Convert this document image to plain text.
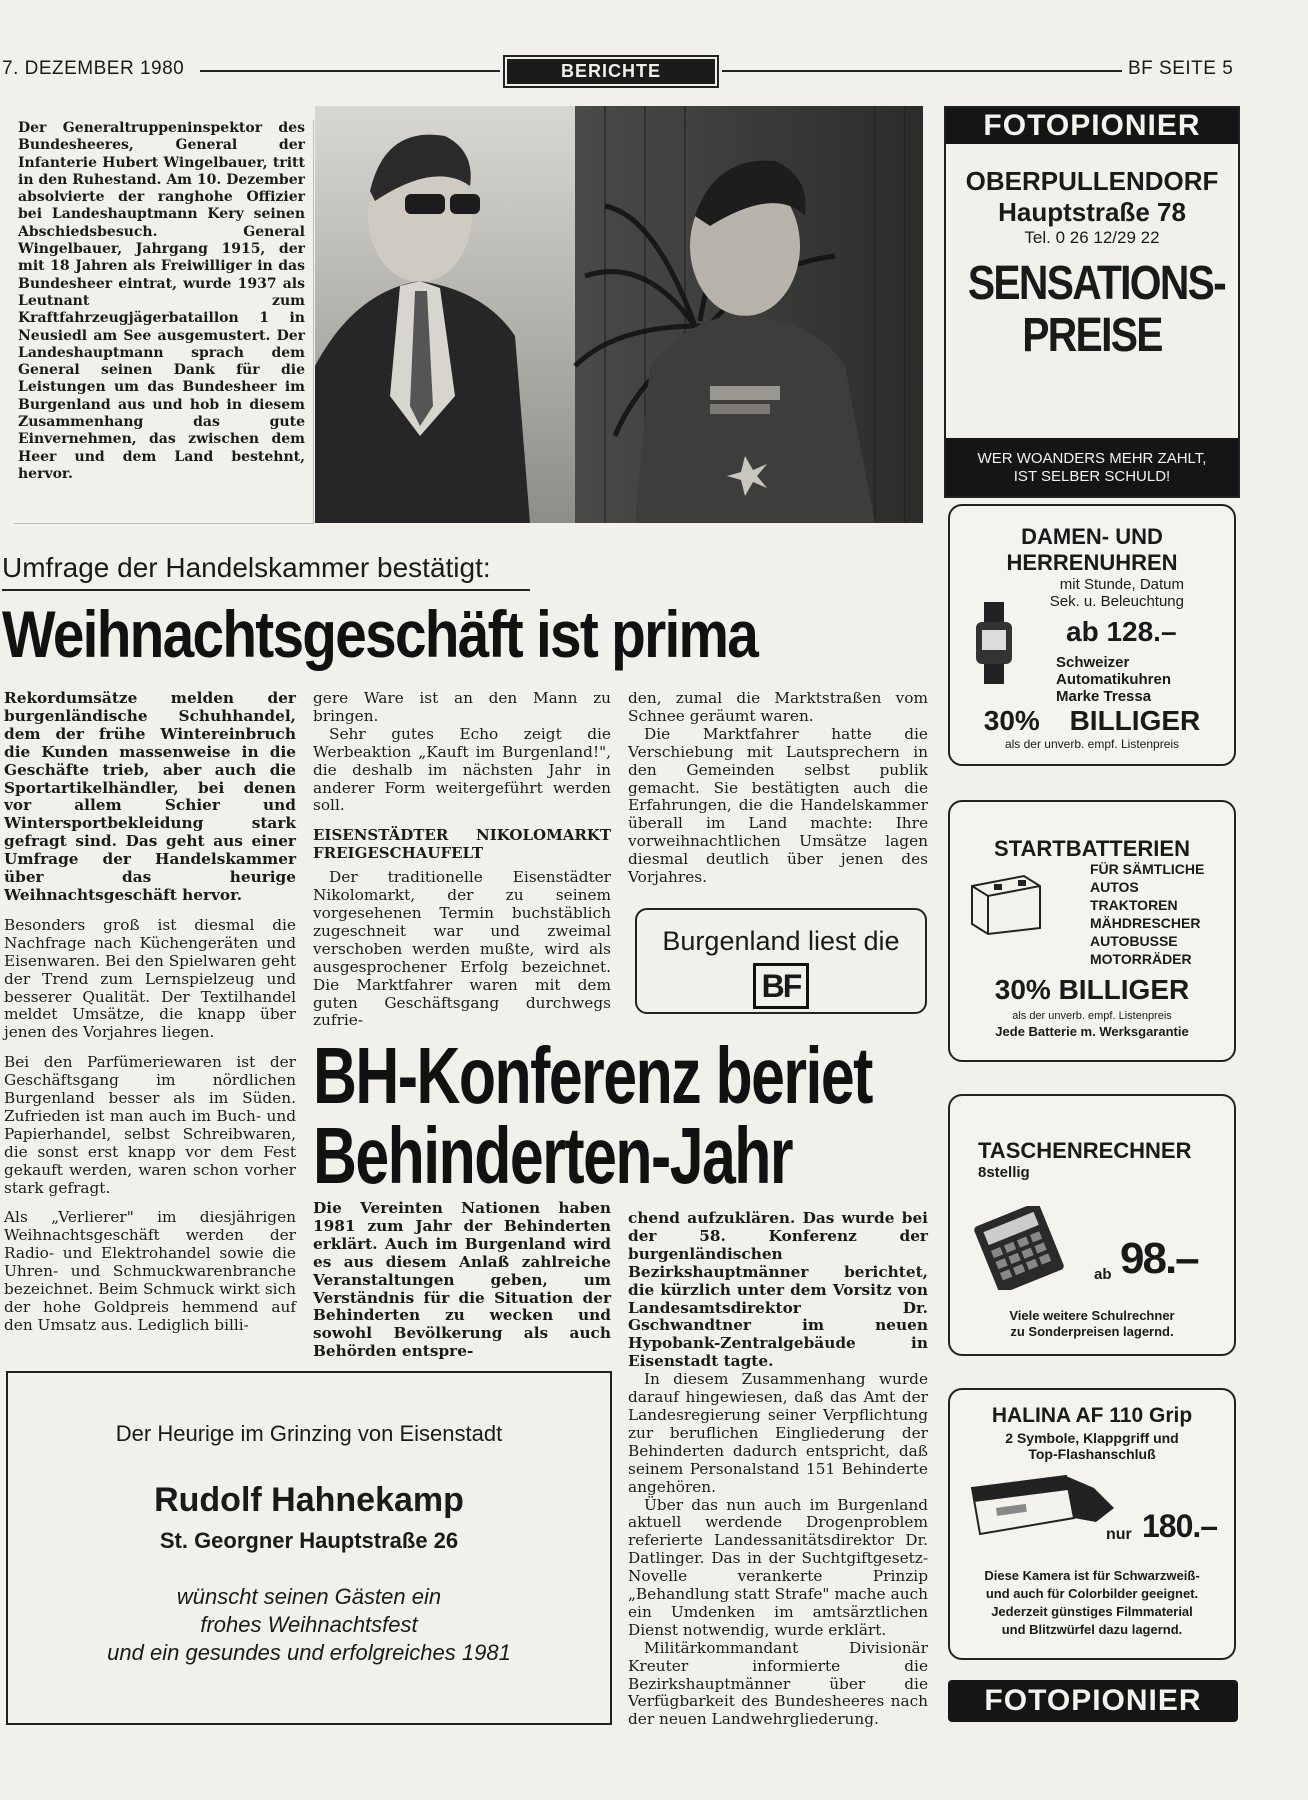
7. DEZEMBER 1980	BERICHTE	BF SEITE 5
Der Generaltruppeninspektor des Bundesheeres, General der Infanterie Hubert Wingelbauer, tritt in den Ruhestand. Am 10. Dezember absolvierte der ranghohe Offizier bei Landeshauptmann Kery seinen Abschiedsbesuch. General Wingelbauer, Jahrgang 1915, der mit 18 Jahren als Freiwilliger in das Bundesheer eintrat, wurde 1937 als Leutnant zum Kraftfahrzeugjägerbataillon 1 in Neusiedl am See ausgemustert. Der Landeshauptmann sprach dem General seinen Dank für die Leistungen um das Bundesheer im Burgenland aus und hob in diesem Zusammenhang das gute Einvernehmen, das zwischen dem Heer und dem Land bestehnt, hervor.
Umfrage der Handelskammer bestätigt:
Weihnachtsgeschäft ist prima

Rekordumsätze melden der burgenländische Schuhhandel, dem der frühe Wintereinbruch die Kunden massenweise in die Geschäfte trieb, aber auch die Sportartikelhändler, bei denen vor allem Schier und Wintersportbekleidung stark gefragt sind. Das geht aus einer Umfrage der Handelskammer über das heurige Weihnachtsgeschäft hervor.

Besonders groß ist diesmal die Nachfrage nach Küchengeräten und Eisenwaren. Bei den Spielwaren geht der Trend zum Lernspielzeug und besserer Qualität. Der Textilhandel meldet Umsätze, die knapp über jenen des Vorjahres liegen.

Bei den Parfümeriewaren ist der Geschäftsgang im nördlichen Burgenland besser als im Süden. Zufrieden ist man auch im Buch- und Papierhandel, selbst Schreibwaren, die sonst erst knapp vor dem Fest gekauft werden, waren schon vorher stark gefragt.

Als „Verlierer" im diesjährigen Weihnachtsgeschäft werden der Radio- und Elektrohandel sowie die Uhren- und Schmuckwarenbranche bezeichnet. Beim Schmuck wirkt sich der hohe Goldpreis hemmend auf den Umsatz aus. Lediglich billi-

gere Ware ist an den Mann zu bringen.

Sehr gutes Echo zeigt die Werbeaktion „Kauft im Burgenland!", die deshalb im nächsten Jahr in anderer Form weitergeführt werden soll.

EISENSTÄDTER NIKOLOMARKT FREIGESCHAUFELT

Der traditionelle Eisenstädter Nikolomarkt, der zu seinem vorgesehenen Termin buchstäblich zugeschneit war und zweimal verschoben werden mußte, wird als ausgesprochener Erfolg bezeichnet. Die Marktfahrer waren mit dem guten Geschäftsgang durchwegs zufrie-

den, zumal die Marktstraßen vom Schnee geräumt waren.

Die Marktfahrer hatte die Verschiebung mit Lautsprechern in den Gemeinden selbst publik gemacht. Sie bestätigten auch die Erfahrungen, die die Handelskammer überall im Land machte: Ihre vorweihnachtlichen Umsätze lagen diesmal deutlich über jenen des Vorjahres.

Burgenland liest die
BF
BH-Konferenz beriet
Behinderten-Jahr
Die Vereinten Nationen haben 1981 zum Jahr der Behinderten erklärt. Auch im Burgenland wird es aus diesem Anlaß zahlreiche Veranstaltungen geben, um Verständnis für die Situation der Behinderten zu wecken und sowohl Bevölkerung als auch Behörden entspre-

chend aufzuklären. Das wurde bei der 58. Konferenz der burgenländischen Bezirkshauptmänner berichtet, die kürzlich unter dem Vorsitz von Landesamtsdirektor Dr. Gschwandtner im neuen Hypobank-Zentralgebäude in Eisenstadt tagte.

In diesem Zusammenhang wurde darauf hingewiesen, daß das Amt der Landesregierung seiner Verpflichtung zur beruflichen Eingliederung der Behinderten dadurch entspricht, daß seinem Personalstand 151 Behinderte angehören.

Über das nun auch im Burgenland aktuell werdende Drogenproblem referierte Landessanitätsdirektor Dr. Datlinger. Das in der Suchtgiftgesetz-Novelle verankerte Prinzip „Behandlung statt Strafe" mache auch ein Umdenken im amtsärztlichen Dienst notwendig, wurde erklärt.

Militärkommandant Divisionär Kreuter informierte die Bezirkshauptmänner über die Verfügbarkeit des Bundesheeres nach der neuen Landwehrgliederung.

Der Heurige im Grinzing von Eisenstadt
Rudolf Hahnekamp
St. Georgner Hauptstraße 26
wünscht seinen Gästen ein
frohes Weihnachtsfest
und ein gesundes und erfolgreiches 1981
FOTOPIONIER
OBERPULLENDORF
Hauptstraße 78
Tel. 0 26 12/29 22
SENSATIONS-
PREISE
WER WOANDERS MEHR ZAHLT,
IST SELBER SCHULD!
DAMEN- UND
HERRENUHREN
mit Stunde, Datum
Sek. u. Beleuchtung
ab 128.–
Schweizer
Automatikuhren
Marke Tressa
30% BILLIGER
als der unverb. empf. Listenpreis
STARTBATTERIEN
FÜR SÄMTLICHE
AUTOS
TRAKTOREN
MÄHDRESCHER
AUTOBUSSE
MOTORRÄDER
30% BILLIGER
als der unverb. empf. Listenpreis
Jede Batterie m. Werksgarantie
TASCHENRECHNER
8stellig
ab 98.–
Viele weitere Schulrechner
zu Sonderpreisen lagernd.
HALINA AF 110 Grip
2 Symbole, Klappgriff und
Top-Flashanschluß
nur 180.–
Diese Kamera ist für Schwarzweiß-
und auch für Colorbilder geeignet.
Jederzeit günstiges Filmmaterial
und Blitzwürfel dazu lagernd.
FOTOPIONIER
